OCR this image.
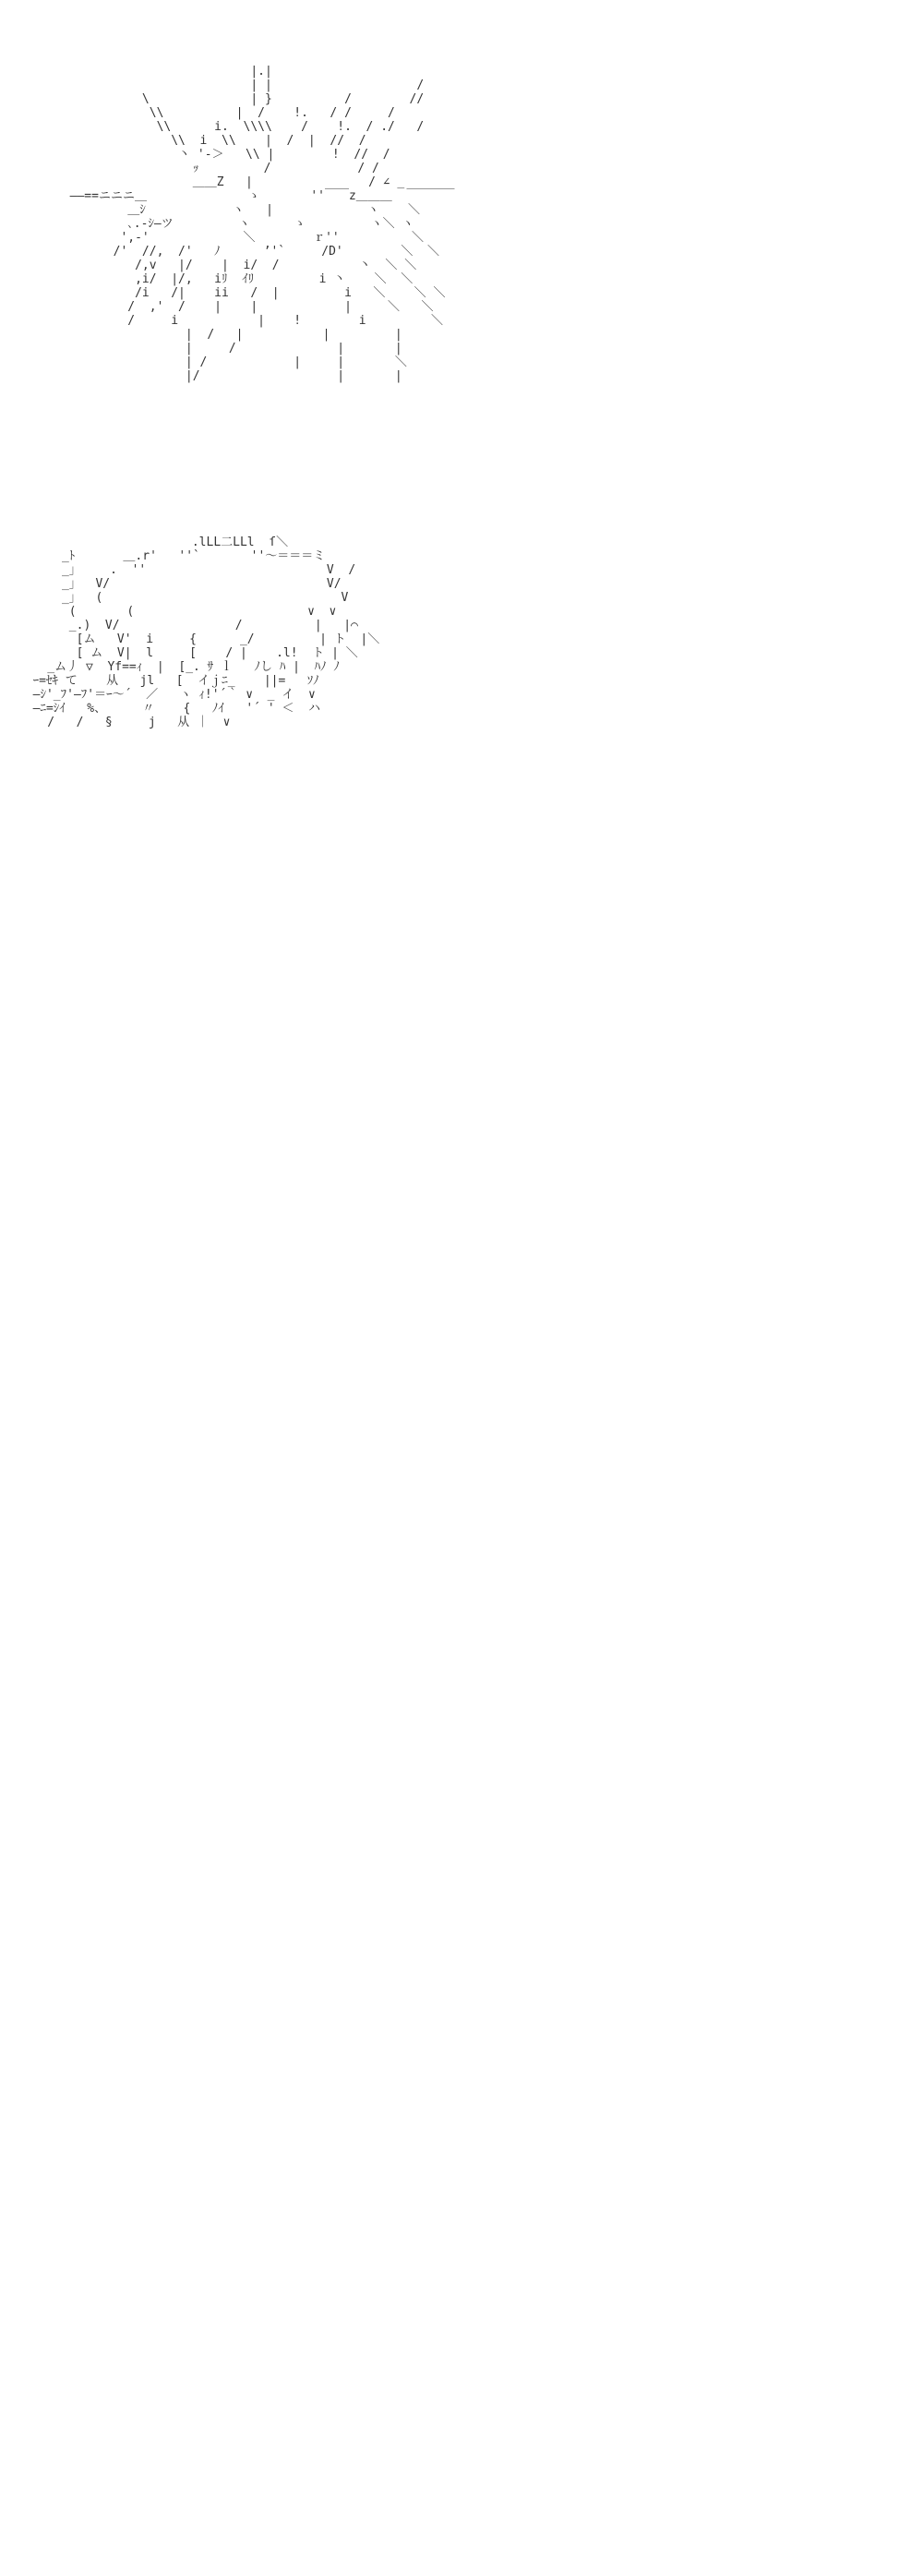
|.|
| |                    /
\              | }          /        //
\\          |  /    !.   / /     /
\\      i.  \\\\    /    !.  / ./   /
\\  i  \\    |  /  |  //  /
丶 '-＞   \\ |        !  //  /
ｯ         /            / /
＿＿Z   |                / ∠ _
――==ニニニ＿              ゝ       ''￣￣z＿＿＿  ￣￣￣￣
＿ｼ            ヽ   |             ヽ    ＼
､.-ｼ―ツ         ヽ      ゝ         ヽ＼ ヽ
',-'             ＼        ｒ''          ＼
/'  //,  /'   ﾉ      ’'`     /D'        ＼  ＼
/,v   |/    |  i/  /           丶  ＼ ＼
,i/  |/,   iﾘ  ｲﾘ         i 丶    ＼  ＼
/i   /|    ii   /  |         i   ＼    ＼ ＼
/  ,'  /    |    |            |     ＼   ＼
/     i           |    !        i         ＼
|  /   |           |         |
|     /              |       |
| /            |     |       ＼
|/                   |       |
.lLL二LLl  ſ＼
_ﾄ     　＿.r'   ''`       ''～＝＝＝ミ
_」    .  ''                         V  /
_」  V/                              V/
_」  (                                 V
(       (                        ∨  ∨
_.)  V/                /          |   |⌒
[ム   V'  i     {      _/         | ト  |＼
[ ム  V|  l     [    / |    .l!  ト | ＼
_ム丿 ▽  Yf==ｨ  |  [_. ｻ ｌ   ﾉし ﾊ |  ﾊﾉ ﾉ
ｰ=ｾｷ て    从   jl   [  イｊﾆ_    ||=   ｿﾉ
―ｼ'_ﾌ'―ﾌ'＝ｰ～´  ／   ヽ ｨ!'´｀ ∨  _ イ  ∨
―ﾆ=ｼｲ   %、     〃    {   ﾉｲ   '´ ' ＜  ハ
/   /   §     j   从 ｜  ∨
